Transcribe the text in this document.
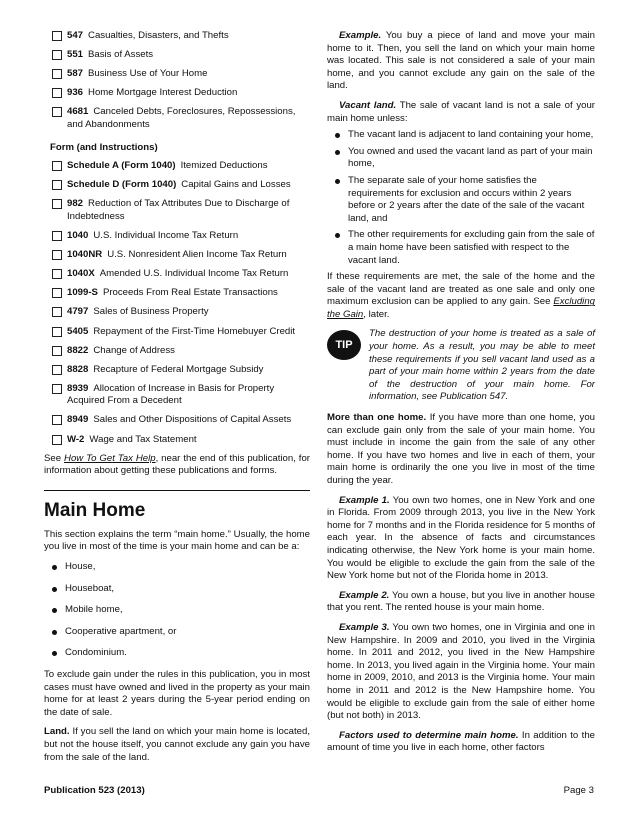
547 Casualties, Disasters, and Thefts
551 Basis of Assets
587 Business Use of Your Home
936 Home Mortgage Interest Deduction
4681 Canceled Debts, Foreclosures, Repossessions, and Abandonments
Form (and Instructions)
Schedule A (Form 1040) Itemized Deductions
Schedule D (Form 1040) Capital Gains and Losses
982 Reduction of Tax Attributes Due to Discharge of Indebtedness
1040 U.S. Individual Income Tax Return
1040NR U.S. Nonresident Alien Income Tax Return
1040X Amended U.S. Individual Income Tax Return
1099-S Proceeds From Real Estate Transactions
4797 Sales of Business Property
5405 Repayment of the First-Time Homebuyer Credit
8822 Change of Address
8828 Recapture of Federal Mortgage Subsidy
8939 Allocation of Increase in Basis for Property Acquired From a Decedent
8949 Sales and Other Dispositions of Capital Assets
W-2 Wage and Tax Statement

See How To Get Tax Help, near the end of this publication, for information about getting these publications and forms.

Main Home

This section explains the term “main home.” Usually, the home you live in most of the time is your main home and can be a:

House,
Houseboat,
Mobile home,
Cooperative apartment, or
Condominium.

To exclude gain under the rules in this publication, you in most cases must have owned and lived in the property as your main home for at least 2 years during the 5-year period ending on the date of sale.

Land. If you sell the land on which your main home is located, but not the house itself, you cannot exclude any gain you have from the sale of the land.

Example. You buy a piece of land and move your main home to it. Then, you sell the land on which your main home was located. This sale is not considered a sale of your main home, and you cannot exclude any gain on the sale of the land.

Vacant land. The sale of vacant land is not a sale of your main home unless:

The vacant land is adjacent to land containing your home,
You owned and used the vacant land as part of your main home,
The separate sale of your home satisfies the requirements for exclusion and occurs within 2 years before or 2 years after the date of the sale of the vacant land, and
The other requirements for excluding gain from the sale of a main home have been satisfied with respect to the vacant land.

If these requirements are met, the sale of the home and the sale of the vacant land are treated as one sale and only one maximum exclusion can be applied to any gain. See Excluding the Gain, later.

TIP
The destruction of your home is treated as a sale of your home. As a result, you may be able to meet these requirements if you sell vacant land used as a part of your main home within 2 years from the date of the destruction of your main home. For information, see Publication 547.

More than one home. If you have more than one home, you can exclude gain only from the sale of your main home. You must include in income the gain from the sale of any other home. If you have two homes and live in each of them, your main home is ordinarily the one you live in most of the time during the year.

Example 1. You own two homes, one in New York and one in Florida. From 2009 through 2013, you live in the New York home for 7 months and in the Florida residence for 5 months of each year. In the absence of facts and circumstances indicating otherwise, the New York home is your main home. You would be eligible to exclude the gain from the sale of the New York home but not of the Florida home in 2013.

Example 2. You own a house, but you live in another house that you rent. The rented house is your main home.

Example 3. You own two homes, one in Virginia and one in New Hampshire. In 2009 and 2010, you lived in the Virginia home. In 2011 and 2012, you lived in the New Hampshire home. In 2013, you lived again in the Virginia home. Your main home in 2009, 2010, and 2013 is the Virginia home. Your main home in 2011 and 2012 is the New Hampshire home. You would be eligible to exclude gain from the sale of either home (but not both) in 2013.

Factors used to determine main home. In addition to the amount of time you live in each home, other factors

Publication 523 (2013)	Page 3
